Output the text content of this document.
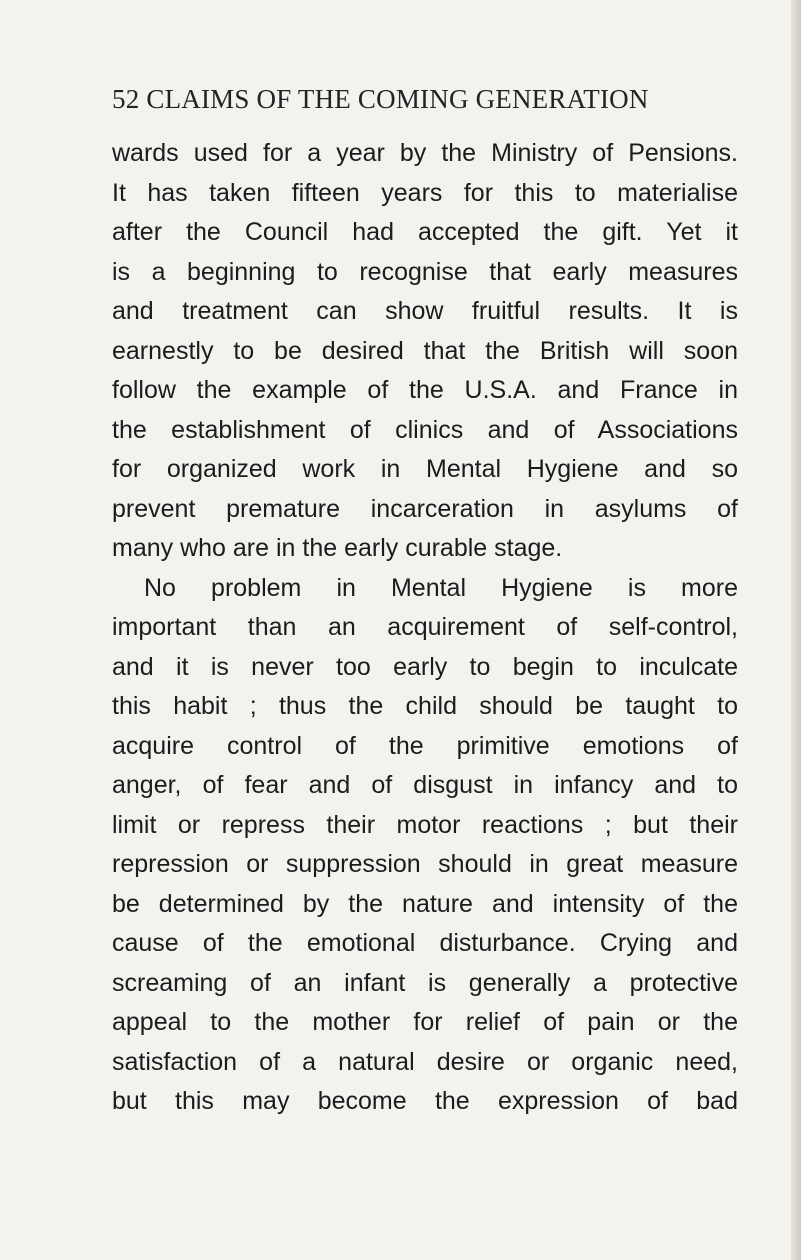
52 CLAIMS OF THE COMING GENERATION
wards used for a year by the Ministry of Pensions.
It has taken fifteen years for this to materialise
after the Council had accepted the gift. Yet it
is a beginning to recognise that early measures
and treatment can show fruitful results. It is
earnestly to be desired that the British will soon
follow the example of the U.S.A. and France in
the establishment of clinics and of Associations
for organized work in Mental Hygiene and so
prevent premature incarceration in asylums of
many who are in the early curable stage.
No problem in Mental Hygiene is more
important than an acquirement of self-control,
and it is never too early to begin to inculcate
this habit ; thus the child should be taught to
acquire control of the primitive emotions of
anger, of fear and of disgust in infancy and to
limit or repress their motor reactions ; but their
repression or suppression should in great measure
be determined by the nature and intensity of the
cause of the emotional disturbance. Crying and
screaming of an infant is generally a protective
appeal to the mother for relief of pain or the
satisfaction of a natural desire or organic need,
but this may become the expression of bad
